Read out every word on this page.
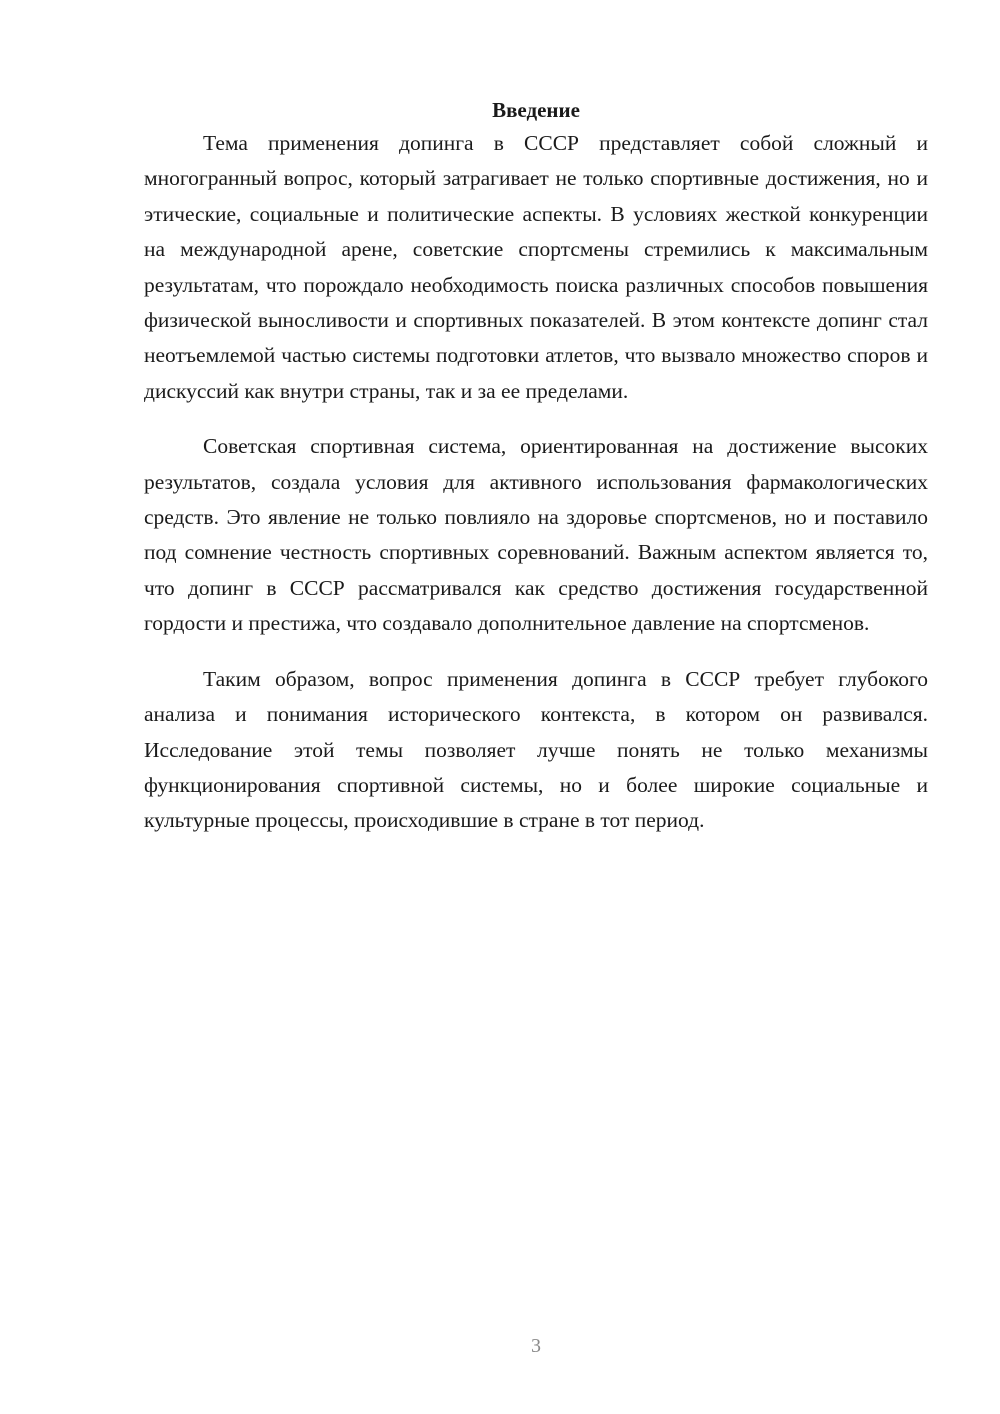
Введение

Тема применения допинга в СССР представляет собой сложный и многогранный вопрос, который затрагивает не только спортивные достижения, но и этические, социальные и политические аспекты. В условиях жесткой конкуренции на международной арене, советские спортсмены стремились к максимальным результатам, что порождало необходимость поиска различных способов повышения физической выносливости и спортивных показателей. В этом контексте допинг стал неотъемлемой частью системы подготовки атлетов, что вызвало множество споров и дискуссий как внутри страны, так и за ее пределами.

Советская спортивная система, ориентированная на достижение высоких результатов, создала условия для активного использования фармакологических средств. Это явление не только повлияло на здоровье спортсменов, но и поставило под сомнение честность спортивных соревнований. Важным аспектом является то, что допинг в СССР рассматривался как средство достижения государственной гордости и престижа, что создавало дополнительное давление на спортсменов.

Таким образом, вопрос применения допинга в СССР требует глубокого анализа и понимания исторического контекста, в котором он развивался. Исследование этой темы позволяет лучше понять не только механизмы функционирования спортивной системы, но и более широкие социальные и культурные процессы, происходившие в стране в тот период.

3
